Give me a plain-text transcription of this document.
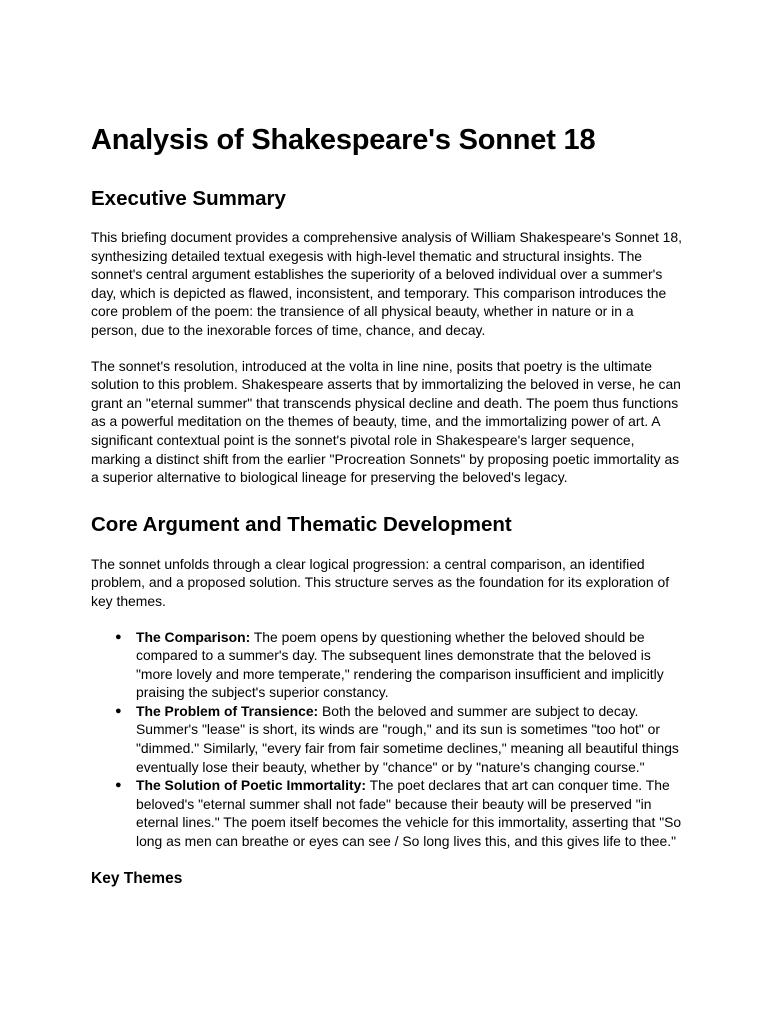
Analysis of Shakespeare's Sonnet 18
Executive Summary

This briefing document provides a comprehensive analysis of William Shakespeare's Sonnet 18, synthesizing detailed textual exegesis with high-level thematic and structural insights. The sonnet's central argument establishes the superiority of a beloved individual over a summer's day, which is depicted as flawed, inconsistent, and temporary. This comparison introduces the core problem of the poem: the transience of all physical beauty, whether in nature or in a person, due to the inexorable forces of time, chance, and decay.

The sonnet's resolution, introduced at the volta in line nine, posits that poetry is the ultimate solution to this problem. Shakespeare asserts that by immortalizing the beloved in verse, he can grant an "eternal summer" that transcends physical decline and death. The poem thus functions as a powerful meditation on the themes of beauty, time, and the immortalizing power of art. A significant contextual point is the sonnet's pivotal role in Shakespeare's larger sequence, marking a distinct shift from the earlier "Procreation Sonnets" by proposing poetic immortality as a superior alternative to biological lineage for preserving the beloved's legacy.

Core Argument and Thematic Development

The sonnet unfolds through a clear logical progression: a central comparison, an identified problem, and a proposed solution. This structure serves as the foundation for its exploration of key themes.

● The Comparison: The poem opens by questioning whether the beloved should be compared to a summer's day. The subsequent lines demonstrate that the beloved is "more lovely and more temperate," rendering the comparison insufficient and implicitly praising the subject's superior constancy.
● The Problem of Transience: Both the beloved and summer are subject to decay. Summer's "lease" is short, its winds are "rough," and its sun is sometimes "too hot" or "dimmed." Similarly, "every fair from fair sometime declines," meaning all beautiful things eventually lose their beauty, whether by "chance" or by "nature's changing course."
● The Solution of Poetic Immortality: The poet declares that art can conquer time. The beloved's "eternal summer shall not fade" because their beauty will be preserved "in eternal lines." The poem itself becomes the vehicle for this immortality, asserting that "So long as men can breathe or eyes can see / So long lives this, and this gives life to thee."
Key Themes
